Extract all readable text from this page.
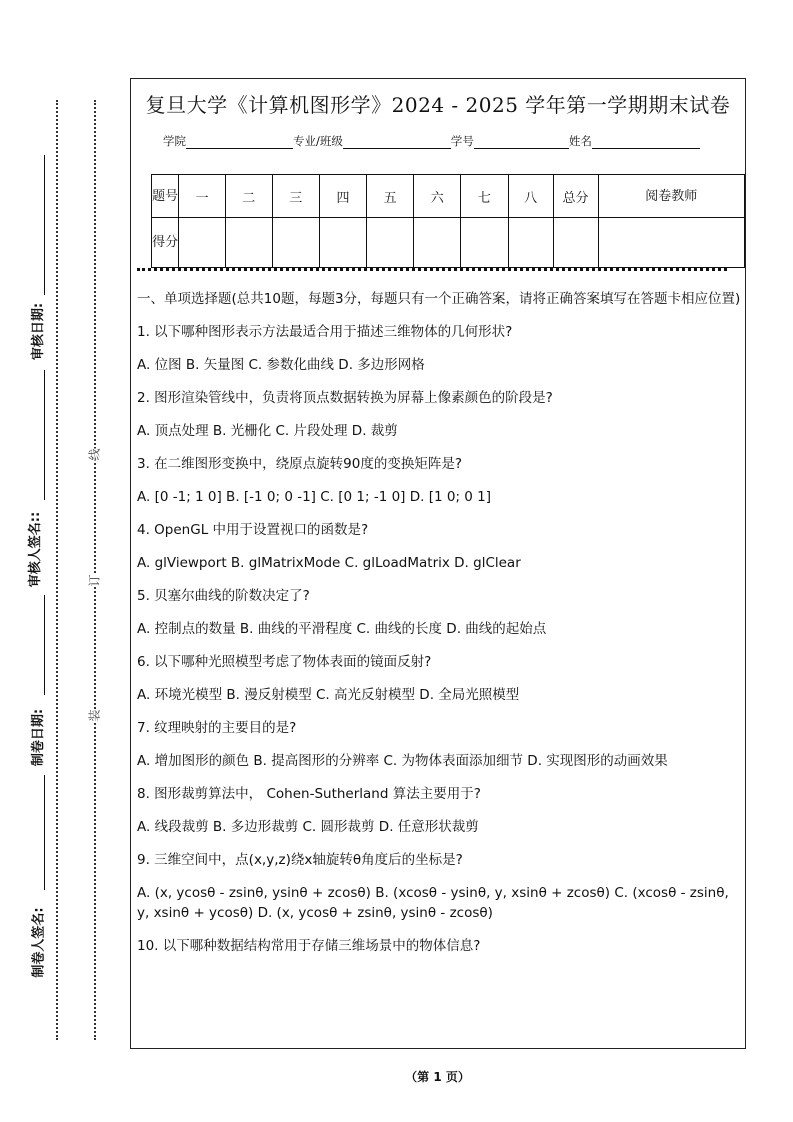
审核日期:
审核人签名::
制卷日期:
制卷人签名:
线
订
装
复旦大学《计算机图形学》2024 - 2025 学年第一学期期末试卷
学院	专业/班级	学号	姓名
题号	一	二	三	四	五	六	七	八	总分	阅卷教师
得分										

一、单项选择题(总共10题，每题3分，每题只有一个正确答案，请将正确答案填写在答题卡相应位置)

1. 以下哪种图形表示方法最适合用于描述三维物体的几何形状?

A. 位图 B. 矢量图 C. 参数化曲线 D. 多边形网格

2. 图形渲染管线中，负责将顶点数据转换为屏幕上像素颜色的阶段是?

A. 顶点处理 B. 光栅化 C. 片段处理 D. 裁剪

3. 在二维图形变换中，绕原点旋转90度的变换矩阵是?

A. [0 -1; 1 0] B. [-1 0; 0 -1] C. [0 1; -1 0] D. [1 0; 0 1]

4. OpenGL 中用于设置视口的函数是?

A. glViewport B. glMatrixMode C. glLoadMatrix D. glClear

5. 贝塞尔曲线的阶数决定了?

A. 控制点的数量 B. 曲线的平滑程度 C. 曲线的长度 D. 曲线的起始点

6. 以下哪种光照模型考虑了物体表面的镜面反射?

A. 环境光模型 B. 漫反射模型 C. 高光反射模型 D. 全局光照模型

7. 纹理映射的主要目的是?

A. 增加图形的颜色 B. 提高图形的分辨率 C. 为物体表面添加细节 D. 实现图形的动画效果

8. 图形裁剪算法中， Cohen-Sutherland 算法主要用于?

A. 线段裁剪 B. 多边形裁剪 C. 圆形裁剪 D. 任意形状裁剪

9. 三维空间中，点(x,y,z)绕x轴旋转θ角度后的坐标是?

A. (x, ycosθ - zsinθ, ysinθ + zcosθ) B. (xcosθ - ysinθ, y, xsinθ + zcosθ) C. (xcosθ - zsinθ, y, xsinθ + ycosθ) D. (x, ycosθ + zsinθ, ysinθ - zcosθ)

10. 以下哪种数据结构常用于存储三维场景中的物体信息?

（第 1 页）
